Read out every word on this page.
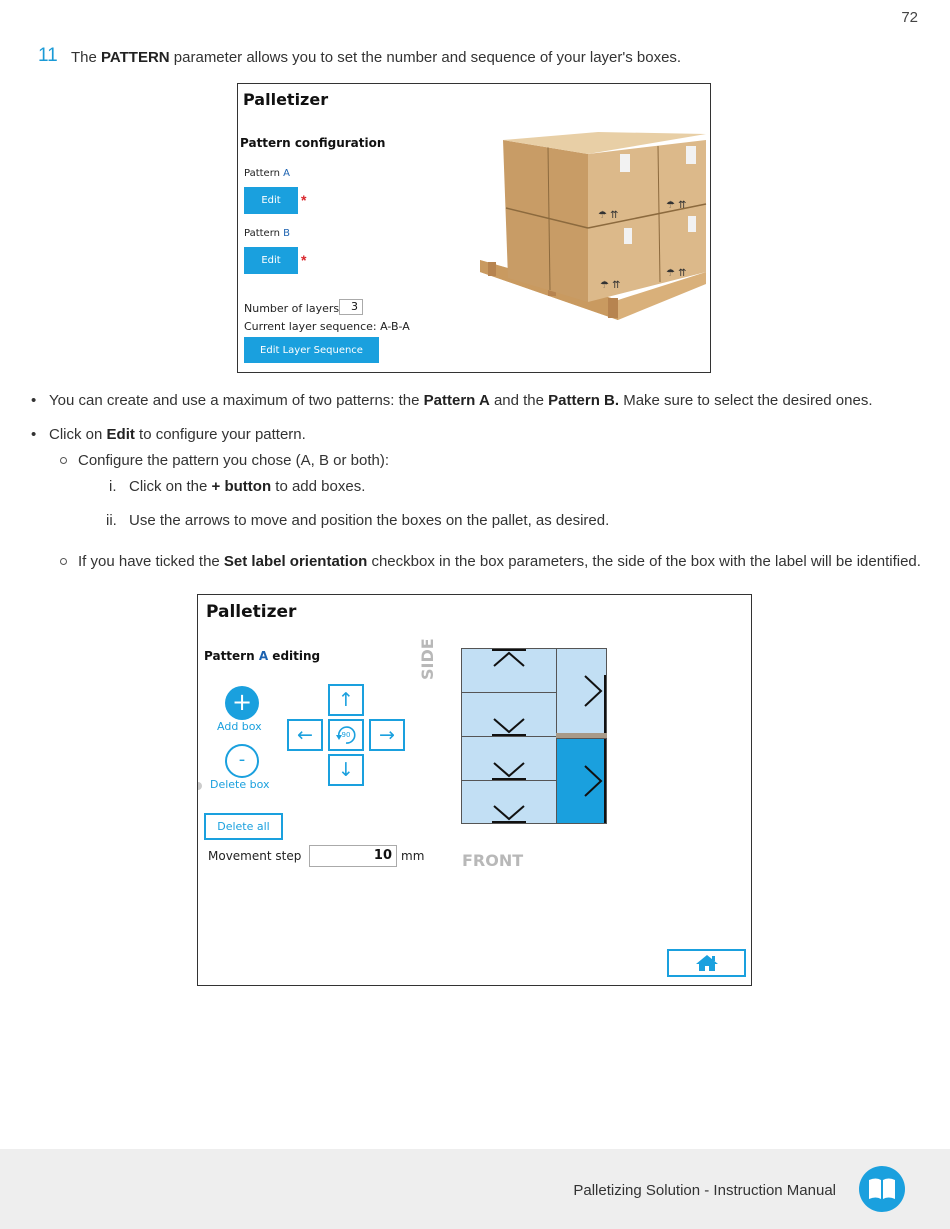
72
11 The PATTERN parameter allows you to set the number and sequence of your layer's boxes.
Palletizer
Pattern configuration
Pattern A
Edit	*
Pattern B
Edit	*
Number of layers	3
Current layer sequence: A-B-A
Edit Layer Sequence
☂ ⇈
☂ ⇈
☂ ⇈
☂ ⇈
• You can create and use a maximum of two patterns: the Pattern A and the Pattern B. Make sure to select the desired ones.
• Click on Edit to configure your pattern.
Configure the pattern you chose (A, B or both):
i. Click on the + button to add boxes.
ii. Use the arrows to move and position the boxes on the pallet, as desired.
If you have ticked the Set label orientation checkbox in the box parameters, the side of the box with the label will be identified.
Palletizer
Pattern A editing
+
Add box
-
Delete box
↑
←	90	→
↓
Delete all
Movement step	10 mm
SIDE
FRONT
Palletizing Solution - Instruction Manual
